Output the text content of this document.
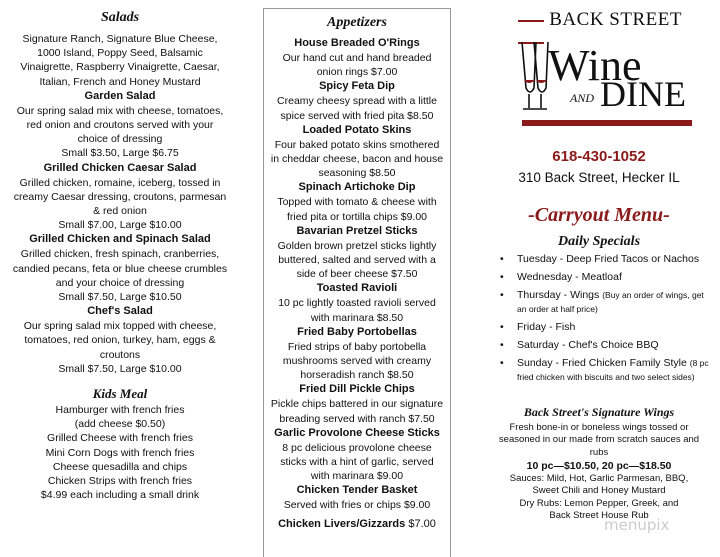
Salads
Signature Ranch, Signature Blue Cheese, 1000 Island, Poppy Seed, Balsamic Vinaigrette, Raspberry Vinaigrette, Caesar, Italian, French and Honey Mustard
Garden Salad
Our spring salad mix with cheese, tomatoes, red onion and croutons served with your choice of dressing
Small $3.50, Large $6.75
Grilled Chicken Caesar Salad
Grilled chicken, romaine, iceberg, tossed in creamy Caesar dressing, croutons, parmesan & red onion
Small $7.00, Large $10.00
Grilled Chicken and Spinach Salad
Grilled chicken, fresh spinach, cranberries, candied pecans, feta or blue cheese crumbles and your choice of dressing
Small $7.50, Large $10.50
Chef's Salad
Our spring salad mix topped with cheese, tomatoes, red onion, turkey, ham, eggs & croutons
Small $7.50, Large $10.00
Kids Meal
Hamburger with french fries
(add cheese $0.50)
Grilled Cheese with french fries
Mini Corn Dogs with french fries
Cheese quesadilla and chips
Chicken Strips with french fries
$4.99 each including a small drink
Appetizers
House Breaded O'Rings
Our hand cut and hand breaded onion rings $7.00
Spicy Feta Dip
Creamy cheesy spread with a little spice served with fried pita $8.50
Loaded Potato Skins
Four baked potato skins smothered in cheddar cheese, bacon and house seasoning $8.50
Spinach Artichoke Dip
Topped with tomato & cheese with fried pita or tortilla chips $9.00
Bavarian Pretzel Sticks
Golden brown pretzel sticks lightly buttered, salted and served with a side of beer cheese $7.50
Toasted Ravioli
10 pc lightly toasted ravioli served with marinara $8.50
Fried Baby Portobellas
Fried strips of baby portobella mushrooms served with creamy horseradish ranch $8.50
Fried Dill Pickle Chips
Pickle chips battered in our signature breading served with ranch $7.50
Garlic Provolone Cheese Sticks
8 pc delicious provolone cheese sticks with a hint of garlic, served with marinara $9.00
Chicken Tender Basket
Served with fries or chips $9.00
Chicken Livers/Gizzards $7.00
BACK STREET
Wine
AND DINE
618-430-1052
310 Back Street, Hecker IL
-Carryout Menu-
Daily Specials
• Tuesday - Deep Fried Tacos or Nachos
• Wednesday - Meatloaf
• Thursday - Wings (Buy an order of wings, get an order at half price)
• Friday - Fish
• Saturday - Chef's Choice BBQ
• Sunday - Fried Chicken Family Style (8 pc fried chicken with biscuits and two select sides)
Back Street's Signature Wings
Fresh bone-in or boneless wings tossed or seasoned in our made from scratch sauces and rubs
10 pc—$10.50, 20 pc—$18.50
Sauces: Mild, Hot, Garlic Parmesan, BBQ, Sweet Chili and Honey Mustard
Dry Rubs: Lemon Pepper, Greek, and Back Street House Rub
menupix
